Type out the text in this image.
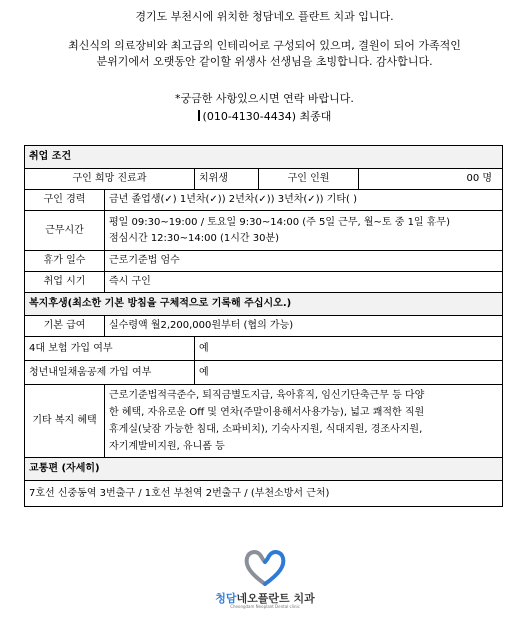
경기도 부천시에 위치한 청담네오 플란트 치과 입니다.
최신식의 의료장비와 최고급의 인테리어로 구성되어 있으며, 결원이 되어 가족적인
분위기에서 오랫동안 같이할 위생사 선생님을 초빙합니다. 감사합니다.
*궁금한 사항있으시면 연락 바랍니다.
(010-4130-4434) 최종대
취업 조건				
구인 희망 진료과		치위생	구인 인원	00 명
구인 경력	금년 졸업생(✓) 1년차(✓)) 2년차(✓)) 3년차(✓)) 기타( )			
근무시간	평일 09:30~19:00 / 토요일 9:30~14:00 (주 5일 근무, 월~토 중 1일 휴무)
점심시간 12:30~14:00 (1시간 30분)			

휴가 일수	근로기준법 엄수			
취업 시기	즉시 구인			
복지후생(최소한 기본 방침을 구체적으로 기록해 주십시오.)				
기본 급여	실수령액 월2,200,000원부터 (협의 가능)			
4대 보험 가입 여부		예		
청년내일채움공제 가입 여부		예		
기타 복지 혜택	근로기준법적극준수, 퇴직금별도지급, 육아휴직, 임신기단축근무 등 다양
한 혜택, 자유로운 Off 및 연차(주말이용해서사용가능), 넓고 쾌적한 직원
휴게실(낮잠 가능한 침대, 소파비치), 기숙사지원, 식대지원, 경조사지원,
자기계발비지원, 유니폼 등			

교통편 (자세히)				
7호선 신중동역 3번출구 / 1호선 부천역 2번출구 / (부천소방서 근처)				
청담네오플란트 치과
Cheongdam Neoplant Dental clinic
